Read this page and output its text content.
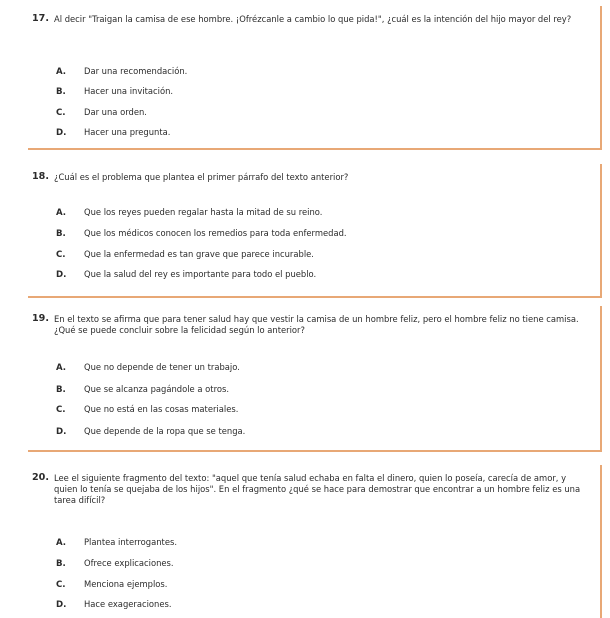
17. Al decir "Traigan la camisa de ese hombre. ¡Ofrézcanle a cambio lo que pida!", ¿cuál es la intención del hijo mayor del rey?
A. Dar una recomendación.
B. Hacer una invitación.
C. Dar una orden.
D. Hacer una pregunta.
18. ¿Cuál es el problema que plantea el primer párrafo del texto anterior?
A. Que los reyes pueden regalar hasta la mitad de su reino.
B. Que los médicos conocen los remedios para toda enfermedad.
C. Que la enfermedad es tan grave que parece incurable.
D. Que la salud del rey es importante para todo el pueblo.
19. En el texto se afirma que para tener salud hay que vestir la camisa de un hombre feliz, pero el hombre feliz no tiene camisa. ¿Qué se puede concluir sobre la felicidad según lo anterior?
A. Que no depende de tener un trabajo.
B. Que se alcanza pagándole a otros.
C. Que no está en las cosas materiales.
D. Que depende de la ropa que se tenga.
20. Lee el siguiente fragmento del texto: "aquel que tenía salud echaba en falta el dinero, quien lo poseía, carecía de amor, y quien lo tenía se quejaba de los hijos". En el fragmento ¿qué se hace para demostrar que encontrar a un hombre feliz es una tarea difícil?
A. Plantea interrogantes.
B. Ofrece explicaciones.
C. Menciona ejemplos.
D. Hace exageraciones.
